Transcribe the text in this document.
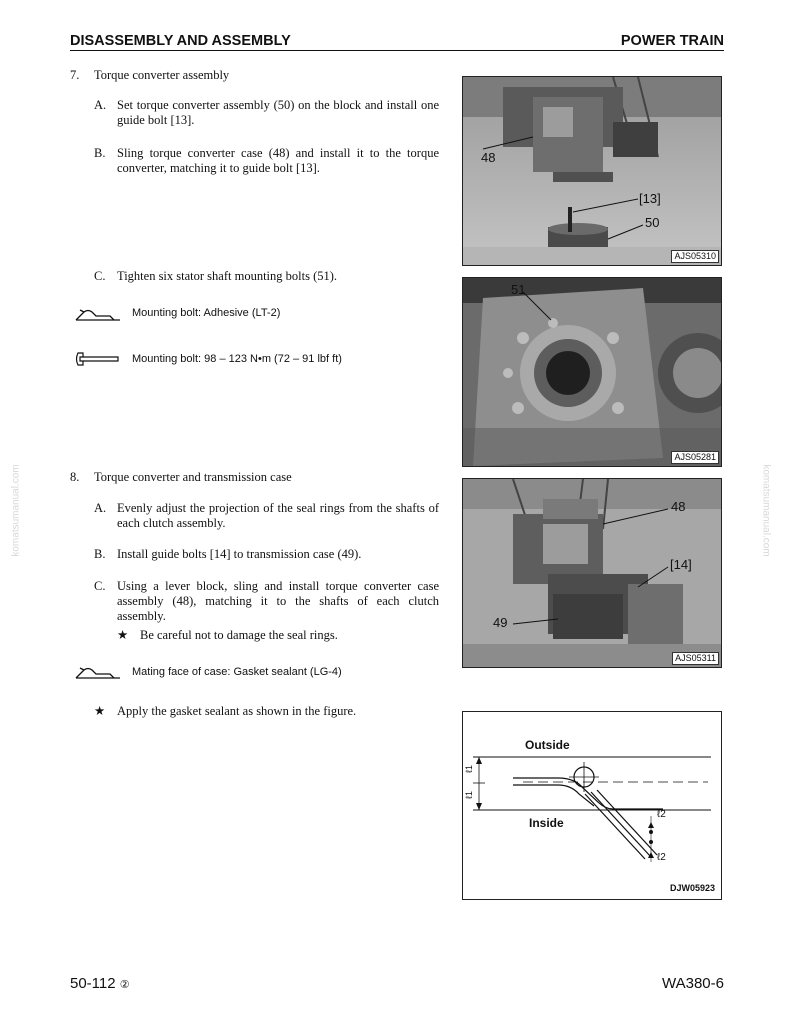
DISASSEMBLY AND ASSEMBLY	POWER TRAIN
7. Torque converter assembly
A. Set torque converter assembly (50) on the block and install one guide bolt [13].
B. Sling torque converter case (48) and install it to the torque converter, matching it to guide bolt [13].
C. Tighten six stator shaft mounting bolts (51).
Mounting bolt: Adhesive (LT-2)
Mounting bolt: 98 – 123 N•m (72 – 91 lbf ft)
8. Torque converter and transmission case
A. Evenly adjust the projection of the seal rings from the shafts of each clutch assembly.
B. Install guide bolts [14] to transmission case (49).
C. Using a lever block, sling and install torque converter case assembly (48), matching it to the shafts of each clutch assembly.
★ Be careful not to damage the seal rings.
Mating face of case: Gasket sealant (LG-4)
★ Apply the gasket sealant as shown in the figure.
48
[13]
50
AJS05310
51
AJS05281
48
[14]
49
AJS05311
Outside
Inside
ℓ1
ℓ1
ℓ2
ℓ2
DJW05923
komatsumanual.com	komatsumanual.com
50-112 ②	WA380-6
